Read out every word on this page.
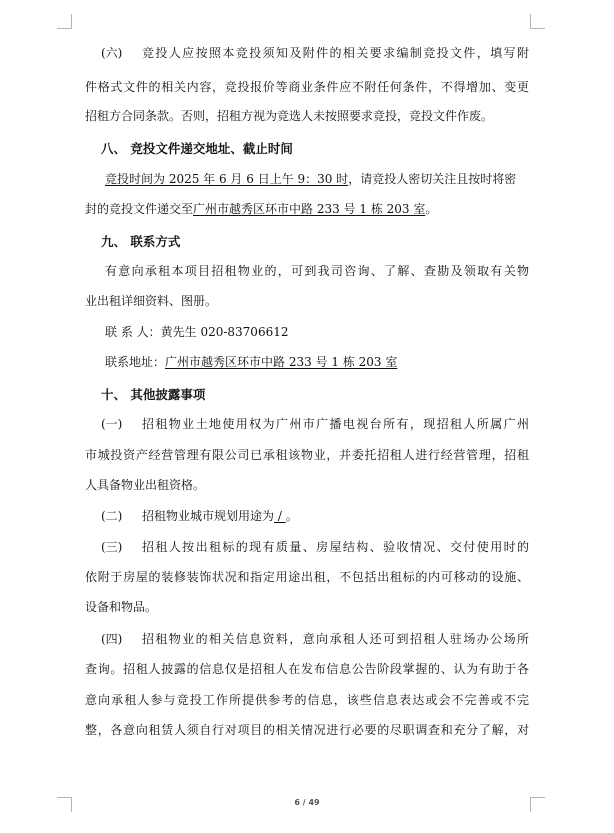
(六) 竞投人应按照本竞投须知及附件的相关要求编制竞投文件，填写附
件格式文件的相关内容，竞投报价等商业条件应不附任何条件，不得增加、变更
招租方合同条款。否则，招租方视为竞选人未按照要求竞投，竞投文件作废。
八、 竞投文件递交地址、截止时间
竞投时间为 2025 年 6 月 6 日上午 9：30 时，请竞投人密切关注且按时将密
封的竞投文件递交至广州市越秀区环市中路 233 号 1 栋 203 室。
九、 联系方式
有意向承租本项目招租物业的，可到我司咨询、了解、查勘及领取有关物
业出租详细资料、图册。
联 系 人：黄先生 020-83706612
联系地址：广州市越秀区环市中路 233 号 1 栋 203 室
十、 其他披露事项
(一) 招租物业土地使用权为广州市广播电视台所有，现招租人所属广州
市城投资产经营管理有限公司已承租该物业，并委托招租人进行经营管理，招租
人具备物业出租资格。
(二) 招租物业城市规划用途为 / 。
(三) 招租人按出租标的现有质量、房屋结构、验收情况、交付使用时的
依附于房屋的装修装饰状况和指定用途出租，不包括出租标的内可移动的设施、
设备和物品。
(四) 招租物业的相关信息资料，意向承租人还可到招租人驻场办公场所
查询。招租人披露的信息仅是招租人在发布信息公告阶段掌握的、认为有助于各
意向承租人参与竞投工作所提供参考的信息，该些信息表达或会不完善或不完
整，各意向租赁人须自行对项目的相关情况进行必要的尽职调查和充分了解，对
6 / 49
